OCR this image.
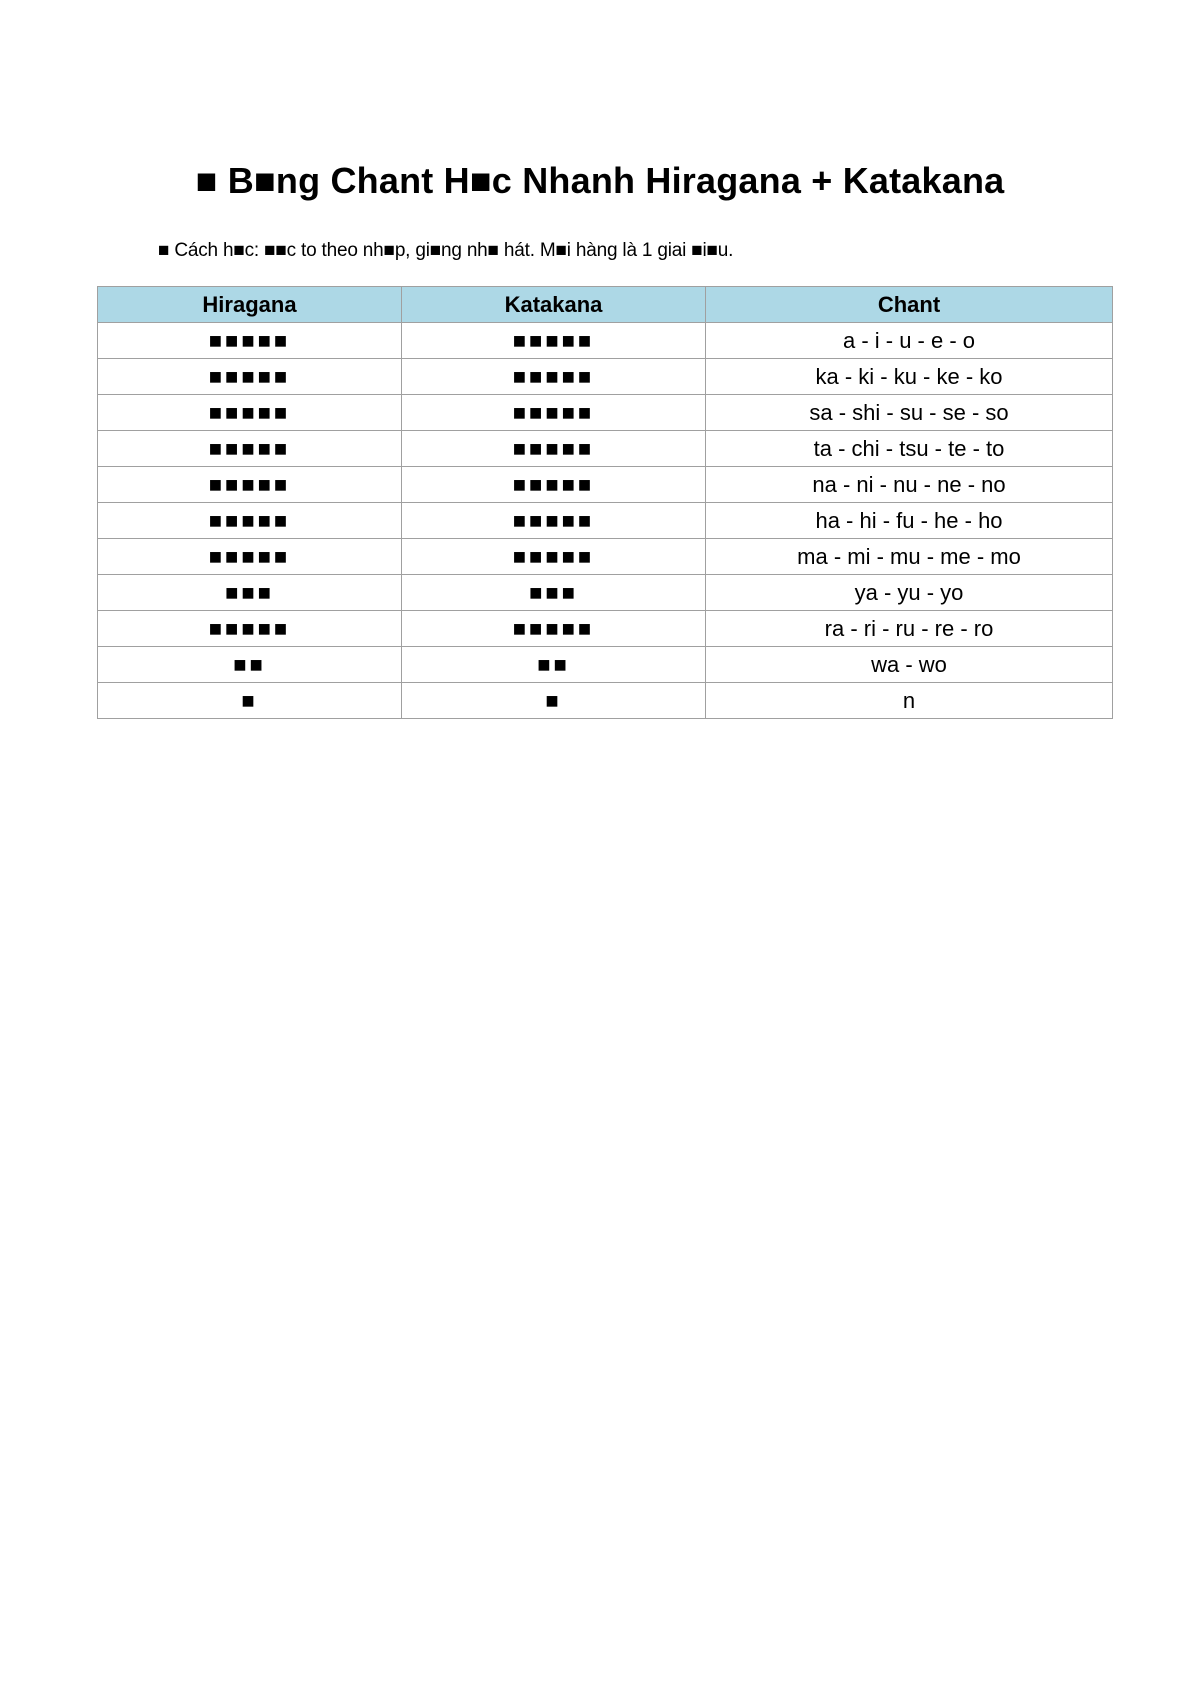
■ B■ng Chant H■c Nhanh Hiragana + Katakana
■ Cách h■c: ■■c to theo nh■p, gi■ng nh■ hát. M■i hàng là 1 giai ■i■u.
Hiragana	Katakana	Chant
■■■■■	■■■■■	a - i - u - e - o
■■■■■	■■■■■	ka - ki - ku - ke - ko
■■■■■	■■■■■	sa - shi - su - se - so
■■■■■	■■■■■	ta - chi - tsu - te - to
■■■■■	■■■■■	na - ni - nu - ne - no
■■■■■	■■■■■	ha - hi - fu - he - ho
■■■■■	■■■■■	ma - mi - mu - me - mo
■■■	■■■	ya - yu - yo
■■■■■	■■■■■	ra - ri - ru - re - ro
■■	■■	wa - wo
■	■	n
